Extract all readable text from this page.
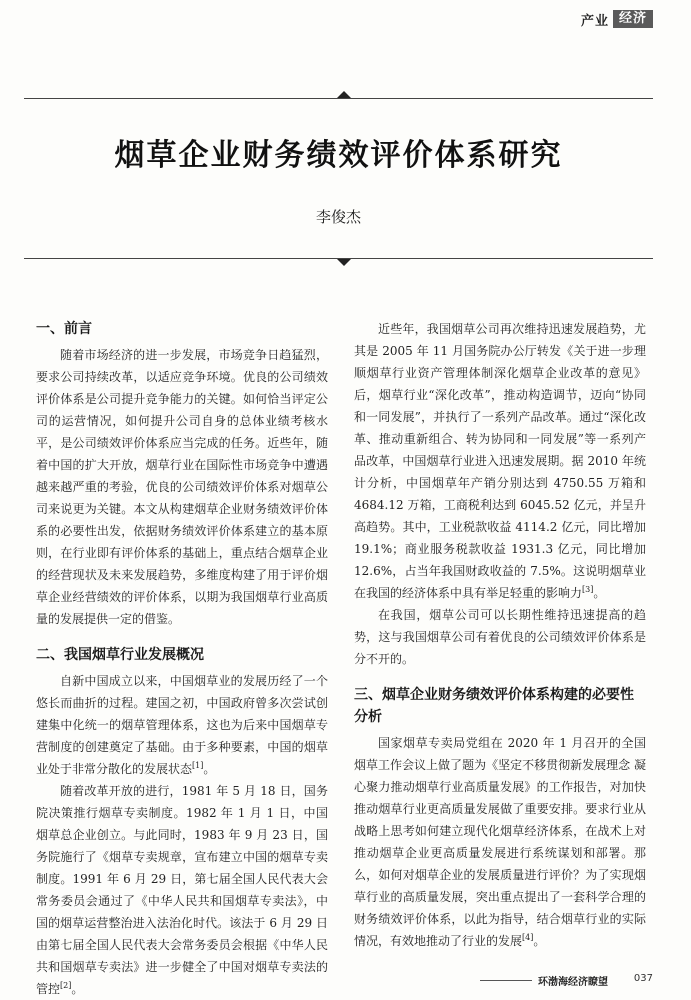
产业 经济
烟草企业财务绩效评价体系研究
李俊杰
一、前言

随着市场经济的进一步发展，市场竞争日趋猛烈，要求公司持续改革，以适应竞争环境。优良的公司绩效评价体系是公司提升竞争能力的关键。如何恰当评定公司的运营情况，如何提升公司自身的总体业绩考核水平，是公司绩效评价体系应当完成的任务。近些年，随着中国的扩大开放，烟草行业在国际性市场竞争中遭遇越来越严重的考验，优良的公司绩效评价体系对烟草公司来说更为关键。本文从构建烟草企业财务绩效评价体系的必要性出发，依据财务绩效评价体系建立的基本原则，在行业即有评价体系的基础上，重点结合烟草企业的经营现状及未来发展趋势，多维度构建了用于评价烟草企业经营绩效的评价体系，以期为我国烟草行业高质量的发展提供一定的借鉴。

二、我国烟草行业发展概况

自新中国成立以来，中国烟草业的发展历经了一个悠长而曲折的过程。建国之初，中国政府曾多次尝试创建集中化统一的烟草管理体系，这也为后来中国烟草专营制度的创建奠定了基础。由于多种要素，中国的烟草业处于非常分散化的发展状态[1]。

随着改革开放的进行，1981 年 5 月 18 日，国务院决策推行烟草专卖制度。1982 年 1 月 1 日，中国烟草总企业创立。与此同时，1983 年 9 月 23 日，国务院施行了《烟草专卖规章，宣布建立中国的烟草专卖制度。1991 年 6 月 29 日，第七届全国人民代表大会常务委员会通过了《中华人民共和国烟草专卖法》，中国的烟草运营整治进入法治化时代。该法于 6 月 29 日由第七届全国人民代表大会常务委员会根据《中华人民共和国烟草专卖法》进一步健全了中国对烟草专卖法的管控[2]。

近些年，我国烟草公司再次维持迅速发展趋势，尤其是 2005 年 11 月国务院办公厅转发《关于进一步理顺烟草行业资产管理体制深化烟草企业改革的意见》后，烟草行业“深化改革”，推动构造调节，迈向“协同和一同发展”，并执行了一系列产品改革。通过“深化改革、推动重新组合、转为协同和一同发展”等一系列产品改革，中国烟草行业进入迅速发展期。据 2010 年统计分析，中国烟草年产销分别达到 4750.55 万箱和 4684.12 万箱，工商税利达到 6045.52 亿元，并呈升高趋势。其中，工业税款收益 4114.2 亿元，同比增加 19.1%；商业服务税款收益 1931.3 亿元，同比增加 12.6%，占当年我国财政收益的 7.5%。这说明烟草业在我国的经济体系中具有举足轻重的影响力[3]。

在我国，烟草公司可以长期性维持迅速提高的趋势，这与我国烟草公司有着优良的公司绩效评价体系是分不开的。

三、烟草企业财务绩效评价体系构建的必要性分析

国家烟草专卖局党组在 2020 年 1 月召开的全国烟草工作会议上做了题为《坚定不移贯彻新发展理念 凝心聚力推动烟草行业高质量发展》的工作报告，对加快推动烟草行业更高质量发展做了重要安排。要求行业从战略上思考如何建立现代化烟草经济体系，在战术上对推动烟草企业更高质量发展进行系统谋划和部署。那么，如何对烟草企业的发展质量进行评价？为了实现烟草行业的高质量发展，突出重点提出了一套科学合理的财务绩效评价体系，以此为指导，结合烟草行业的实际情况，有效地推动了行业的发展[4]。

环渤海经济瞭望	037
